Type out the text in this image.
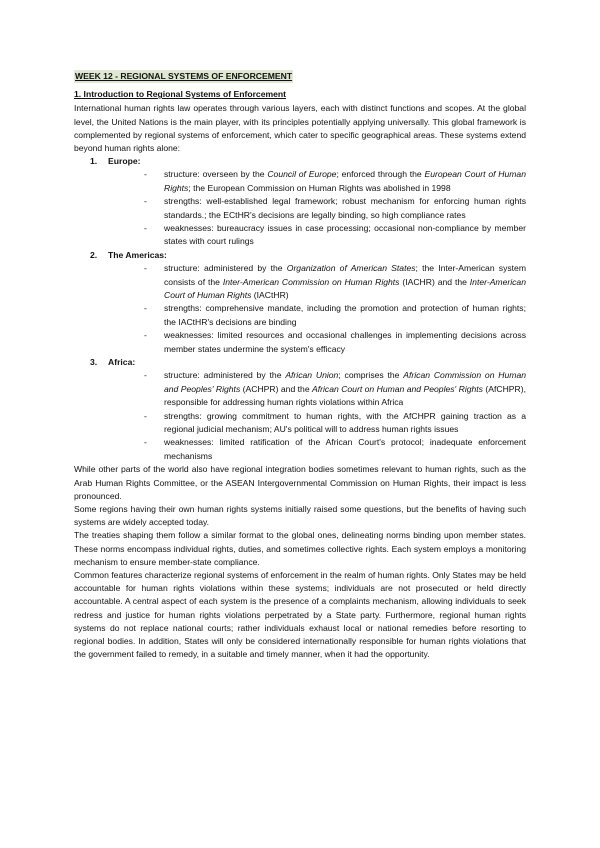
WEEK 12 - REGIONAL SYSTEMS OF ENFORCEMENT
1. Introduction to Regional Systems of Enforcement

International human rights law operates through various layers, each with distinct functions and scopes. At the global level, the United Nations is the main player, with its principles potentially applying universally. This global framework is complemented by regional systems of enforcement, which cater to specific geographical areas. These systems extend beyond human rights alone:

1. Europe:
- structure: overseen by the Council of Europe; enforced through the European Court of Human Rights; the European Commission on Human Rights was abolished in 1998
- strengths: well-established legal framework; robust mechanism for enforcing human rights standards.; the ECtHR's decisions are legally binding, so high compliance rates
- weaknesses: bureaucracy issues in case processing; occasional non-compliance by member states with court rulings
2. The Americas:
- structure: administered by the Organization of American States; the Inter-American system consists of the Inter-American Commission on Human Rights (IACHR) and the Inter-American Court of Human Rights (IACtHR)
- strengths: comprehensive mandate, including the promotion and protection of human rights; the IACtHR's decisions are binding
- weaknesses: limited resources and occasional challenges in implementing decisions across member states undermine the system's efficacy
3. Africa:
- structure: administered by the African Union; comprises the African Commission on Human and Peoples' Rights (ACHPR) and the African Court on Human and Peoples' Rights (AfCHPR), responsible for addressing human rights violations within Africa
- strengths: growing commitment to human rights, with the AfCHPR gaining traction as a regional judicial mechanism; AU's political will to address human rights issues
- weaknesses: limited ratification of the African Court's protocol; inadequate enforcement mechanisms

While other parts of the world also have regional integration bodies sometimes relevant to human rights, such as the Arab Human Rights Committee, or the ASEAN Intergovernmental Commission on Human Rights, their impact is less pronounced.

Some regions having their own human rights systems initially raised some questions, but the benefits of having such systems are widely accepted today.

The treaties shaping them follow a similar format to the global ones, delineating norms binding upon member states. These norms encompass individual rights, duties, and sometimes collective rights. Each system employs a monitoring mechanism to ensure member-state compliance.

Common features characterize regional systems of enforcement in the realm of human rights. Only States may be held accountable for human rights violations within these systems; individuals are not prosecuted or held directly accountable. A central aspect of each system is the presence of a complaints mechanism, allowing individuals to seek redress and justice for human rights violations perpetrated by a State party. Furthermore, regional human rights systems do not replace national courts; rather individuals exhaust local or national remedies before resorting to regional bodies. In addition, States will only be considered internationally responsible for human rights violations that the government failed to remedy, in a suitable and timely manner, when it had the opportunity.
